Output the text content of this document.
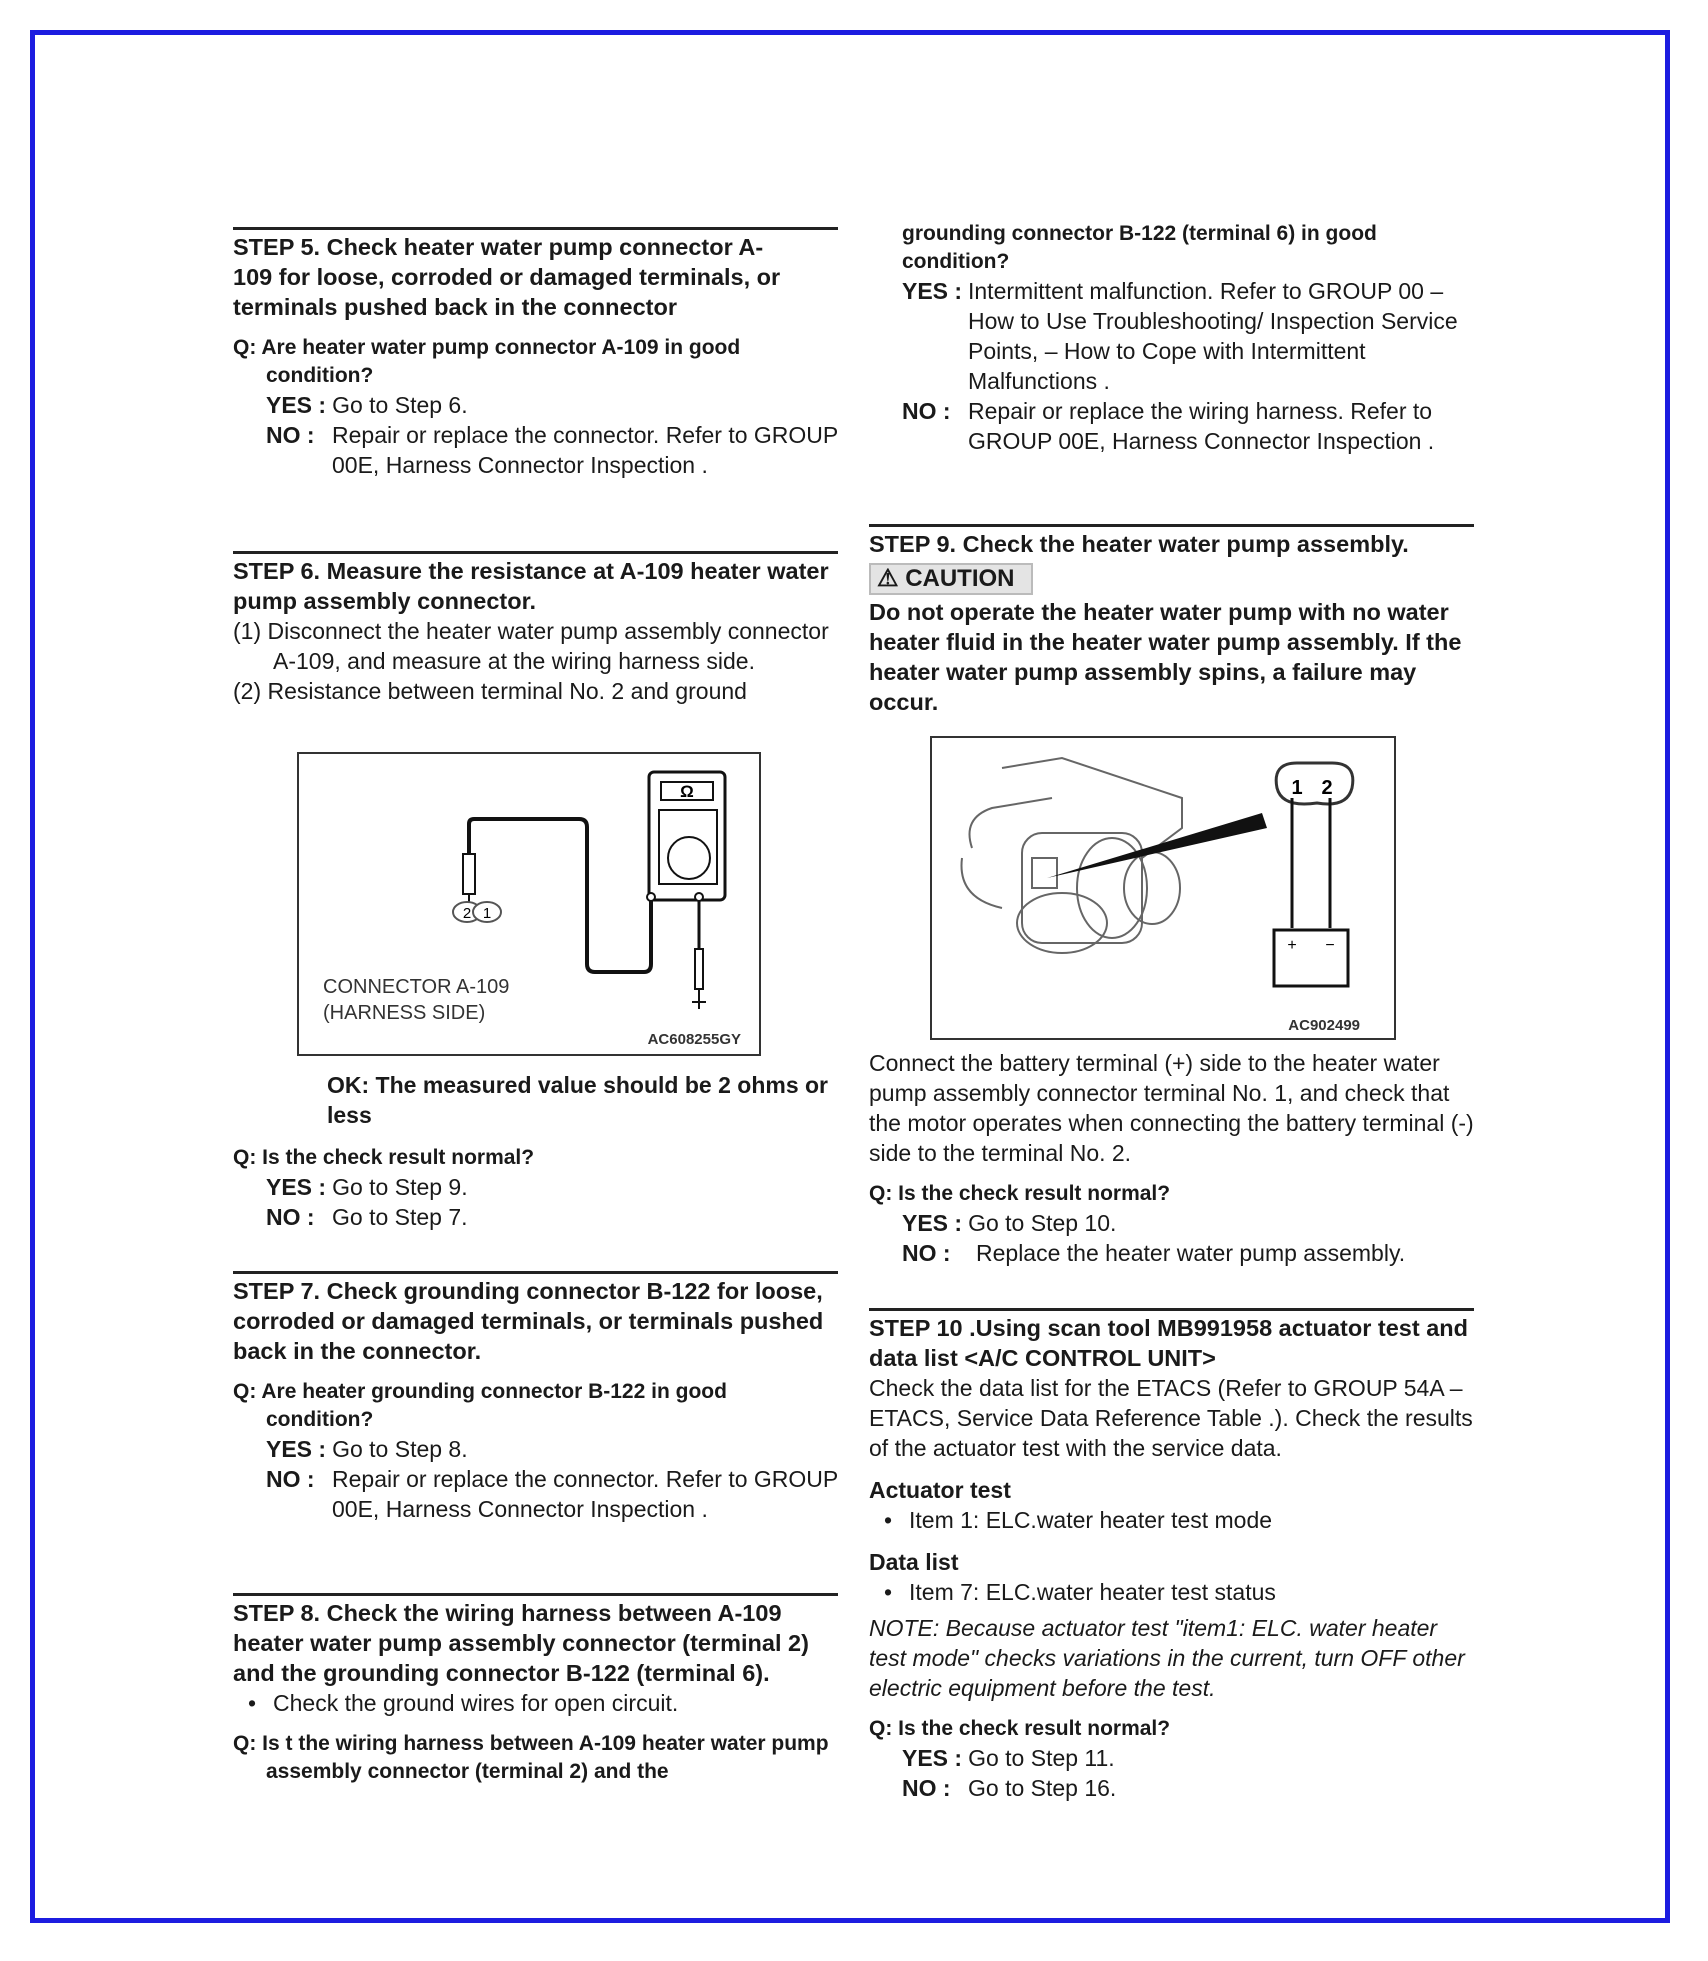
STEP 5. Check heater water pump connector A-
109 for loose, corroded or damaged terminals, or
terminals pushed back in the connector
Q: Are heater water pump connector A-109 in good condition?
YES : Go to Step 6.
NO : Repair or replace the connector. Refer to GROUP 00E, Harness Connector Inspection .
STEP 6. Measure the resistance at A-109 heater water pump assembly connector.
(1) Disconnect the heater water pump assembly connector A-109, and measure at the wiring harness side.
(2) Resistance between terminal No. 2 and ground
Ω
2 1
CONNECTOR A-109
(HARNESS SIDE)
AC608255GY
OK: The measured value should be 2 ohms or less
Q: Is the check result normal?
YES : Go to Step 9.
NO : Go to Step 7.
STEP 7. Check grounding connector B-122 for loose, corroded or damaged terminals, or terminals pushed back in the connector.
Q: Are heater grounding connector B-122 in good condition?
YES : Go to Step 8.
NO : Repair or replace the connector. Refer to GROUP 00E, Harness Connector Inspection .
STEP 8. Check the wiring harness between A-109 heater water pump assembly connector (terminal 2) and the grounding connector B-122 (terminal 6).
• Check the ground wires for open circuit.
Q: Is t the wiring harness between A-109 heater water pump assembly connector (terminal 2) and the
grounding connector B-122 (terminal 6) in good condition?
YES : Intermittent malfunction. Refer to GROUP 00 – How to Use Troubleshooting/ Inspection Service Points, – How to Cope with Intermittent Malfunctions .
NO : Repair or replace the wiring harness. Refer to GROUP 00E, Harness Connector Inspection .
STEP 9. Check the heater water pump assembly.
⚠ CAUTION
Do not operate the heater water pump with no water heater fluid in the heater water pump assembly. If the heater water pump assembly spins, a failure may occur.
1 2
+ −
AC902499
Connect the battery terminal (+) side to the heater water pump assembly connector terminal No. 1, and check that the motor operates when connecting the battery terminal (-) side to the terminal No. 2.
Q: Is the check result normal?
YES : Go to Step 10.
NO :	Replace the heater water pump assembly.
STEP 10 .Using scan tool MB991958 actuator test and data list <A/C CONTROL UNIT>
Check the data list for the ETACS (Refer to GROUP 54A – ETACS, Service Data Reference Table .). Check the results of the actuator test with the service data.
Actuator test
• Item 1: ELC.water heater test mode
Data list
• Item 7: ELC.water heater test status
NOTE: Because actuator test "item1: ELC. water heater test mode" checks variations in the current, turn OFF other electric equipment before the test.
Q: Is the check result normal?
YES : Go to Step 11.
NO : Go to Step 16.
